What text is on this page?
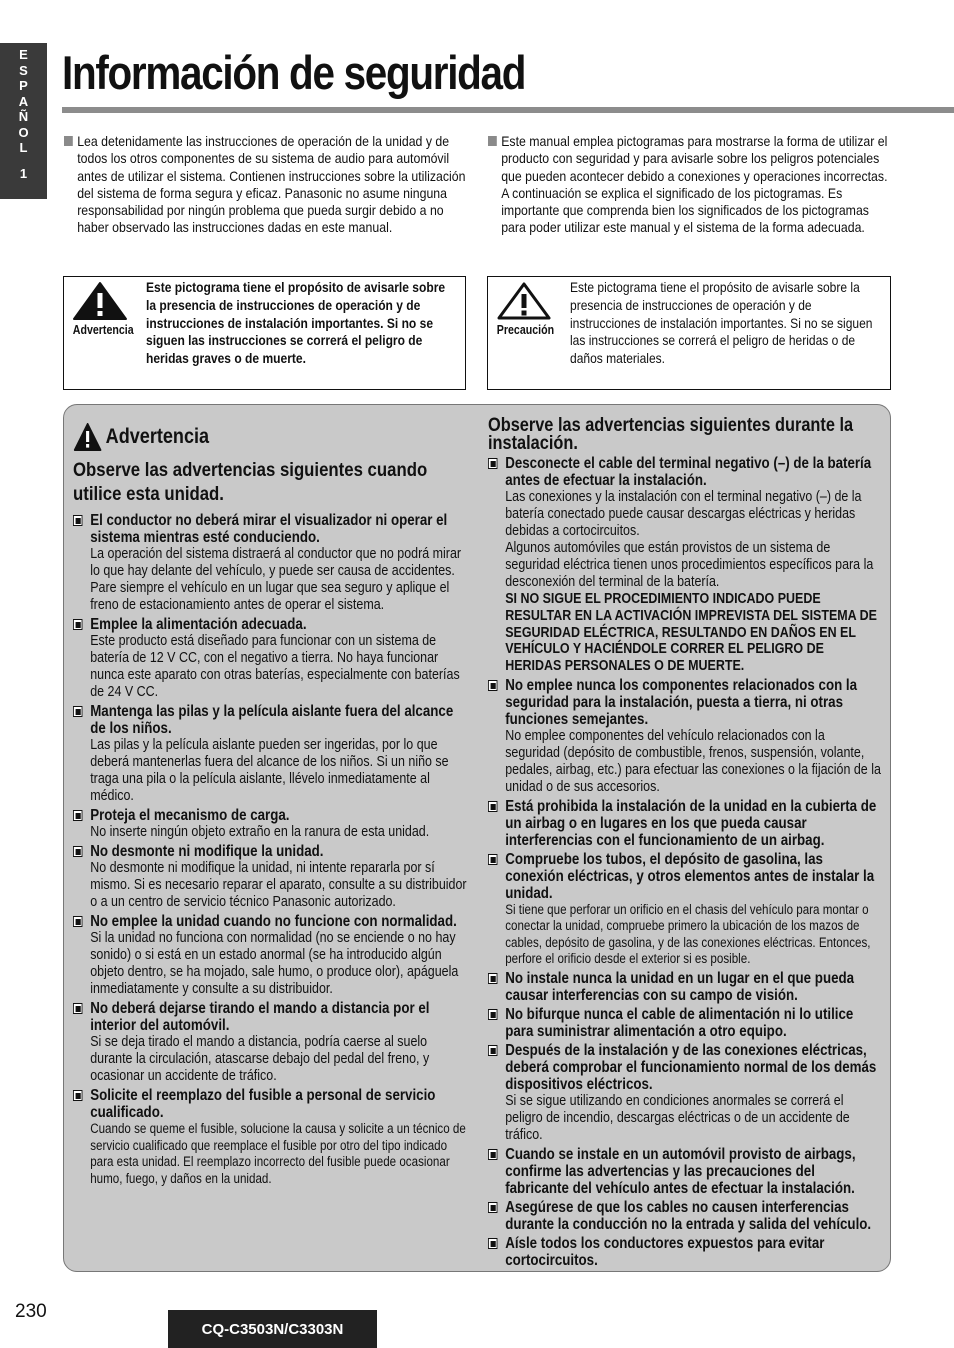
E
S
P
A
Ñ
O
L
1
Información de seguridad
Lea detenidamente las instrucciones de operación de la unidad y de todos los otros componentes de su sistema de audio para automóvil antes de utilizar el sistema. Contienen instrucciones sobre la utilización del sistema de forma segura y eficaz. Panasonic no asume ninguna responsabilidad por ningún problema que pueda surgir debido a no haber observado las instrucciones dadas en este manual.
Este manual emplea pictogramas para mostrarse la forma de utilizar el producto con seguridad y para avisarle sobre los peligros potenciales que pueden acontecer debido a conexiones y operaciones incorrectas. A continuación se explica el significado de los pictogramas. Es importante que comprenda bien los significados de los pictogramas para poder utilizar este manual y el sistema de la forma adecuada.
Advertencia
Este pictograma tiene el propósito de avisarle sobre la presencia de instrucciones de operación y de instrucciones de instalación importantes. Si no se siguen las instrucciones se correrá el peligro de heridas graves o de muerte.
Precaución
Este pictograma tiene el propósito de avisarle sobre la presencia de instrucciones de operación y de instrucciones de instalación importantes. Si no se siguen las instrucciones se correrá el peligro de heridas o de daños materiales.
Advertencia
Observe las advertencias siguientes cuando utilice esta unidad.
El conductor no deberá mirar el visualizador ni operar el sistema mientras esté conduciendo.
La operación del sistema distraerá al conductor que no podrá mirar lo que hay delante del vehículo, y puede ser causa de accidentes. Pare siempre el vehículo en un lugar que sea seguro y aplique el freno de estacionamiento antes de operar el sistema.
Emplee la alimentación adecuada.
Este producto está diseñado para funcionar con un sistema de batería de 12 V CC, con el negativo a tierra. No haya funcionar nunca este aparato con otras baterías, especialmente con baterías de 24 V CC.
Mantenga las pilas y la película aislante fuera del alcance de los niños.
Las pilas y la película aislante pueden ser ingeridas, por lo que deberá mantenerlas fuera del alcance de los niños. Si un niño se traga una pila o la película aislante, llévelo inmediatamente al médico.
Proteja el mecanismo de carga.
No inserte ningún objeto extraño en la ranura de esta unidad.
No desmonte ni modifique la unidad.
No desmonte ni modifique la unidad, ni intente repararla por sí mismo. Si es necesario reparar el aparato, consulte a su distribuidor o a un centro de servicio técnico Panasonic autorizado.
No emplee la unidad cuando no funcione con normalidad.
Si la unidad no funciona con normalidad (no se enciende o no hay sonido) o si está en un estado anormal (se ha introducido algún objeto dentro, se ha mojado, sale humo, o produce olor), apáguela inmediatamente y consulte a su distribuidor.
No deberá dejarse tirando el mando a distancia por el interior del automóvil.
Si se deja tirado el mando a distancia, podría caerse al suelo durante la circulación, atascarse debajo del pedal del freno, y ocasionar un accidente de tráfico.
Solicite el reemplazo del fusible a personal de servicio cualificado.
Cuando se queme el fusible, solucione la causa y solicite a un técnico de servicio cualificado que reemplace el fusible por otro del tipo indicado para esta unidad. El reemplazo incorrecto del fusible puede ocasionar humo, fuego, y daños en la unidad.
Observe las advertencias siguientes durante la instalación.
Desconecte el cable del terminal negativo (–) de la batería antes de efectuar la instalación.
Las conexiones y la instalación con el terminal negativo (–) de la batería conectado puede causar descargas eléctricas y heridas debidas a cortocircuitos.
Algunos automóviles que están provistos de un sistema de seguridad eléctrica tienen unos procedimientos específicos para la desconexión del terminal de la batería.
SI NO SIGUE EL PROCEDIMIENTO INDICADO PUEDE RESULTAR EN LA ACTIVACIÓN IMPREVISTA DEL SISTEMA DE SEGURIDAD ELÉCTRICA, RESULTANDO EN DAÑOS EN EL VEHÍCULO Y HACIÉNDOLE CORRER EL PELIGRO DE HERIDAS PERSONALES O DE MUERTE.
No emplee nunca los componentes relacionados con la seguridad para la instalación, puesta a tierra, ni otras funciones semejantes.
No emplee componentes del vehículo relacionados con la seguridad (depósito de combustible, frenos, suspensión, volante, pedales, airbag, etc.) para efectuar las conexiones o la fijación de la unidad o de sus accesorios.
Está prohibida la instalación de la unidad en la cubierta de un airbag o en lugares en los que pueda causar interferencias con el funcionamiento de un airbag.
Compruebe los tubos, el depósito de gasolina, las conexión eléctricas, y otros elementos antes de instalar la unidad.
Si tiene que perforar un orificio en el chasis del vehículo para montar o conectar la unidad, compruebe primero la ubicación de los mazos de cables, depósito de gasolina, y de las conexiones eléctricas. Entonces, perfore el orificio desde el exterior si es posible.
No instale nunca la unidad en un lugar en el que pueda causar interferencias con su campo de visión.
No bifurque nunca el cable de alimentación ni lo utilice para suministrar alimentación a otro equipo.
Después de la instalación y de las conexiones eléctricas, deberá comprobar el funcionamiento normal de los demás dispositivos eléctricos.
Si se sigue utilizando en condiciones anormales se correrá el peligro de incendio, descargas eléctricas o de un accidente de tráfico.
Cuando se instale en un automóvil provisto de airbags, confirme las advertencias y las precauciones del fabricante del vehículo antes de efectuar la instalación.
Asegúrese de que los cables no causen interferencias durante la conducción no la entrada y salida del vehículo.
Aísle todos los conductores expuestos para evitar cortocircuitos.
230
CQ-C3503N/C3303N
